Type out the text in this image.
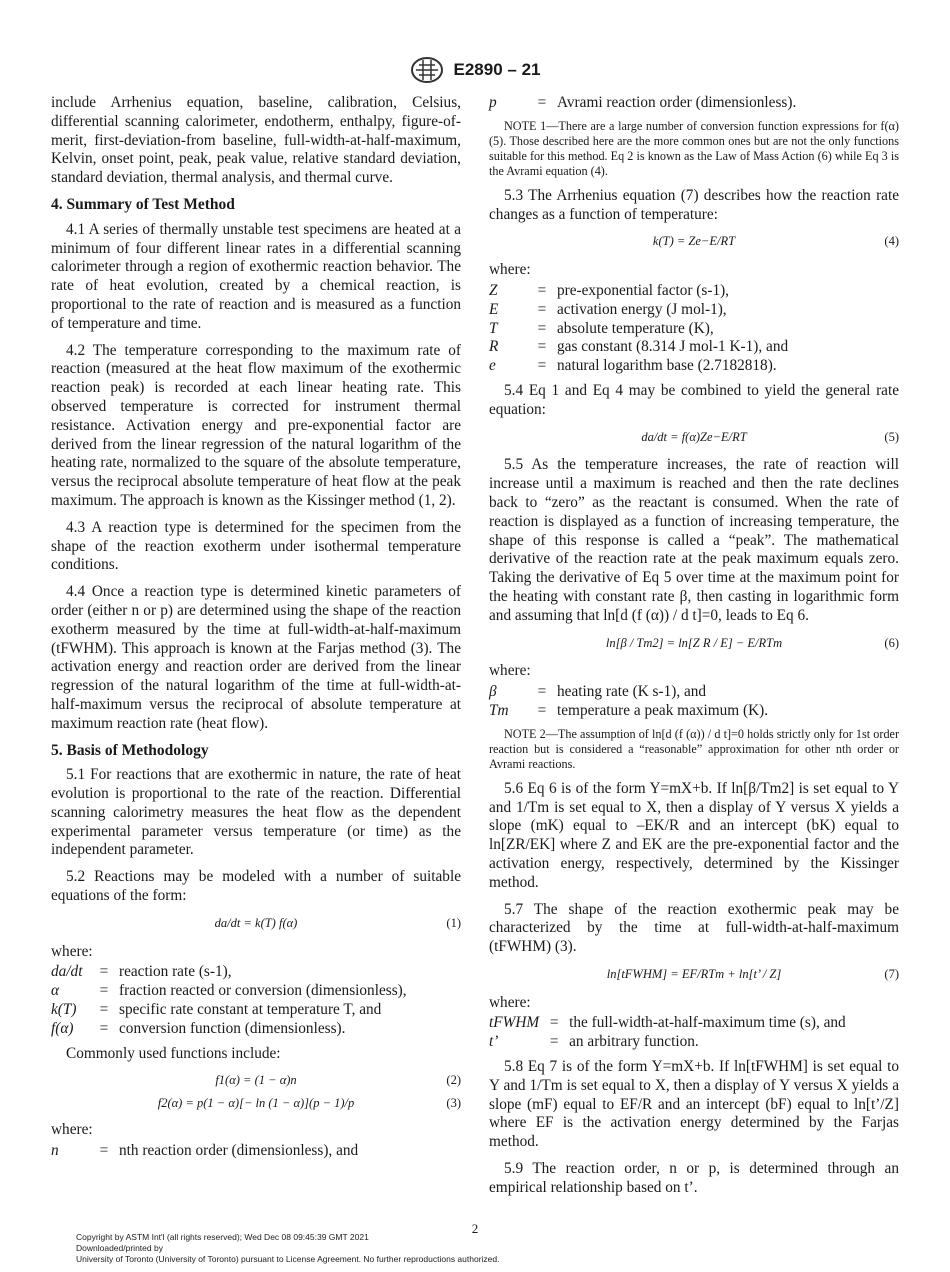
E2890 – 21

include Arrhenius equation, baseline, calibration, Celsius, differential scanning calorimeter, endotherm, enthalpy, figure-of-merit, first-deviation-from baseline, full-width-at-half-maximum, Kelvin, onset point, peak, peak value, relative standard deviation, standard deviation, thermal analysis, and thermal curve.

4. Summary of Test Method

4.1 A series of thermally unstable test specimens are heated at a minimum of four different linear rates in a differential scanning calorimeter through a region of exothermic reaction behavior. The rate of heat evolution, created by a chemical reaction, is proportional to the rate of reaction and is measured as a function of temperature and time.

4.2 The temperature corresponding to the maximum rate of reaction (measured at the heat flow maximum of the exothermic reaction peak) is recorded at each linear heating rate. This observed temperature is corrected for instrument thermal resistance. Activation energy and pre-exponential factor are derived from the linear regression of the natural logarithm of the heating rate, normalized to the square of the absolute temperature, versus the reciprocal absolute temperature of heat flow at the peak maximum. The approach is known as the Kissinger method (1, 2).

4.3 A reaction type is determined for the specimen from the shape of the reaction exotherm under isothermal temperature conditions.

4.4 Once a reaction type is determined kinetic parameters of order (either n or p) are determined using the shape of the reaction exotherm measured by the time at full-width-at-half-maximum (tFWHM). This approach is known at the Farjas method (3). The activation energy and reaction order are derived from the linear regression of the natural logarithm of the time at full-width-at-half-maximum versus the reciprocal of absolute temperature at maximum reaction rate (heat flow).

5. Basis of Methodology

5.1 For reactions that are exothermic in nature, the rate of heat evolution is proportional to the rate of the reaction. Differential scanning calorimetry measures the heat flow as the dependent experimental parameter versus temperature (or time) as the independent parameter.

5.2 Reactions may be modeled with a number of suitable equations of the form:

da/dt = k(T) f(α)	(1)

where:

da/dt	=	reaction rate (s-1),
α	=	fraction reacted or conversion (dimensionless),
k(T)	=	specific rate constant at temperature T, and
f(α)	=	conversion function (dimensionless).

Commonly used functions include:

f1(α) = (1 − α)n	(2)
f2(α) = p(1 − α)[− ln (1 − α)](p − 1)/p	(3)

where:

n	=	nth reaction order (dimensionless), and
p	=	Avrami reaction order (dimensionless).

NOTE 1—There are a large number of conversion function expressions for f(α) (5). Those described here are the more common ones but are not the only functions suitable for this method. Eq 2 is known as the Law of Mass Action (6) while Eq 3 is the Avrami equation (4).

5.3 The Arrhenius equation (7) describes how the reaction rate changes as a function of temperature:

k(T) = Ze−E/RT	(4)

where:

Z	=	pre-exponential factor (s-1),
E	=	activation energy (J mol-1),
T	=	absolute temperature (K),
R	=	gas constant (8.314 J mol-1 K-1), and
e	=	natural logarithm base (2.7182818).

5.4 Eq 1 and Eq 4 may be combined to yield the general rate equation:

da/dt = f(α)Ze−E/RT	(5)

5.5 As the temperature increases, the rate of reaction will increase until a maximum is reached and then the rate declines back to “zero” as the reactant is consumed. When the rate of reaction is displayed as a function of increasing temperature, the shape of this response is called a “peak”. The mathematical derivative of the reaction rate at the peak maximum equals zero. Taking the derivative of Eq 5 over time at the maximum point for the heating with constant rate β, then casting in logarithmic form and assuming that ln[d (f (α)) / d t]=0, leads to Eq 6.

ln[β / Tm2] = ln[Z R / E] − E/RTm	(6)

where:

β	=	heating rate (K s-1), and
Tm	=	temperature a peak maximum (K).

NOTE 2—The assumption of ln[d (f (α)) / d t]=0 holds strictly only for 1st order reaction but is considered a “reasonable” approximation for other nth order or Avrami reactions.

5.6 Eq 6 is of the form Y=mX+b. If ln[β/Tm2] is set equal to Y and 1/Tm is set equal to X, then a display of Y versus X yields a slope (mK) equal to –EK/R and an intercept (bK) equal to ln[ZR/EK] where Z and EK are the pre-exponential factor and the activation energy, respectively, determined by the Kissinger method.

5.7 The shape of the reaction exothermic peak may be characterized by the time at full-width-at-half-maximum (tFWHM) (3).

ln[tFWHM] = EF/RTm + ln[t’ / Z]	(7)

where:

tFWHM	=	the full-width-at-half-maximum time (s), and
t’	=	an arbitrary function.

5.8 Eq 7 is of the form Y=mX+b. If ln[tFWHM] is set equal to Y and 1/Tm is set equal to X, then a display of Y versus X yields a slope (mF) equal to EF/R and an intercept (bF) equal to ln[t’/Z] where EF is the activation energy determined by the Farjas method.

5.9 The reaction order, n or p, is determined through an empirical relationship based on t’.

2
Copyright by ASTM Int'l (all rights reserved); Wed Dec 08 09:45:39 GMT 2021
Downloaded/printed by
University of Toronto (University of Toronto) pursuant to License Agreement. No further reproductions authorized.
